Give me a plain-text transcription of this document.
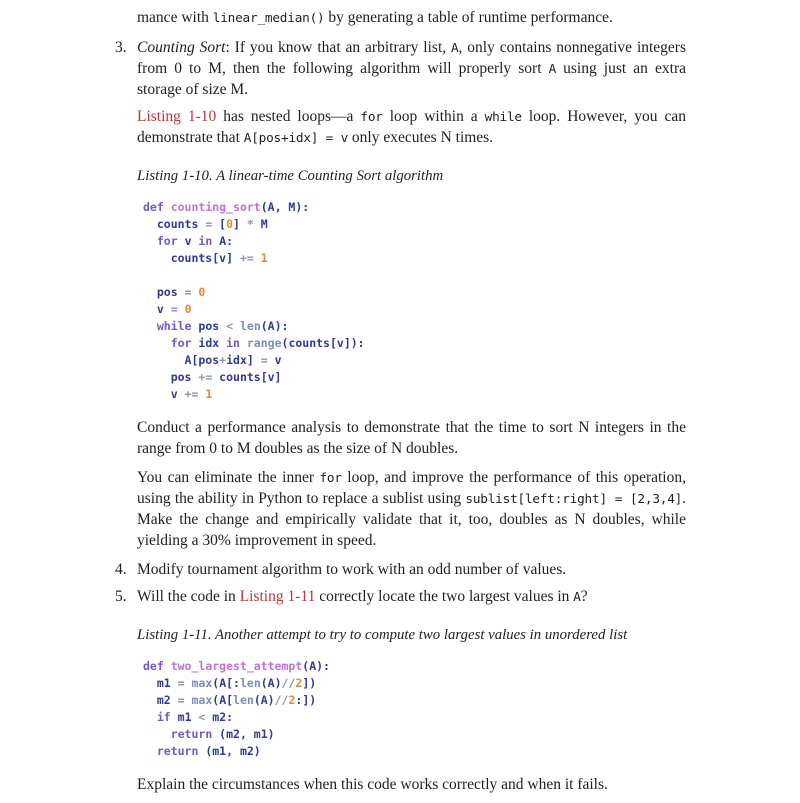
mance with linear_median() by generating a table of runtime performance.

3. Counting Sort: If you know that an arbitrary list, A, only contains nonnegative integers from 0 to M, then the following algorithm will properly sort A using just an extra storage of size M.

Listing 1-10 has nested loops—a for loop within a while loop. However, you can demonstrate that A[pos+idx] = v only executes N times.

Listing 1-10. A linear-time Counting Sort algorithm

def counting_sort(A, M):
counts = [0] * M
for v in A:
counts[v] += 1
pos = 0
v = 0
while pos < len(A):
for idx in range(counts[v]):
A[pos+idx] = v
pos += counts[v]
v += 1

Conduct a performance analysis to demonstrate that the time to sort N integers in the range from 0 to M doubles as the size of N doubles.

You can eliminate the inner for loop, and improve the performance of this operation, using the ability in Python to replace a sublist using sublist[left:right] = [2,3,4]. Make the change and empirically validate that it, too, doubles as N doubles, while yielding a 30% improvement in speed.

4. Modify tournament algorithm to work with an odd number of values.

5. Will the code in Listing 1-11 correctly locate the two largest values in A?

Listing 1-11. Another attempt to try to compute two largest values in unordered list

def two_largest_attempt(A):
m1 = max(A[:len(A)//2])
m2 = max(A[len(A)//2:])
if m1 < m2:
return (m2, m1)
return (m1, m2)

Explain the circumstances when this code works correctly and when it fails.
